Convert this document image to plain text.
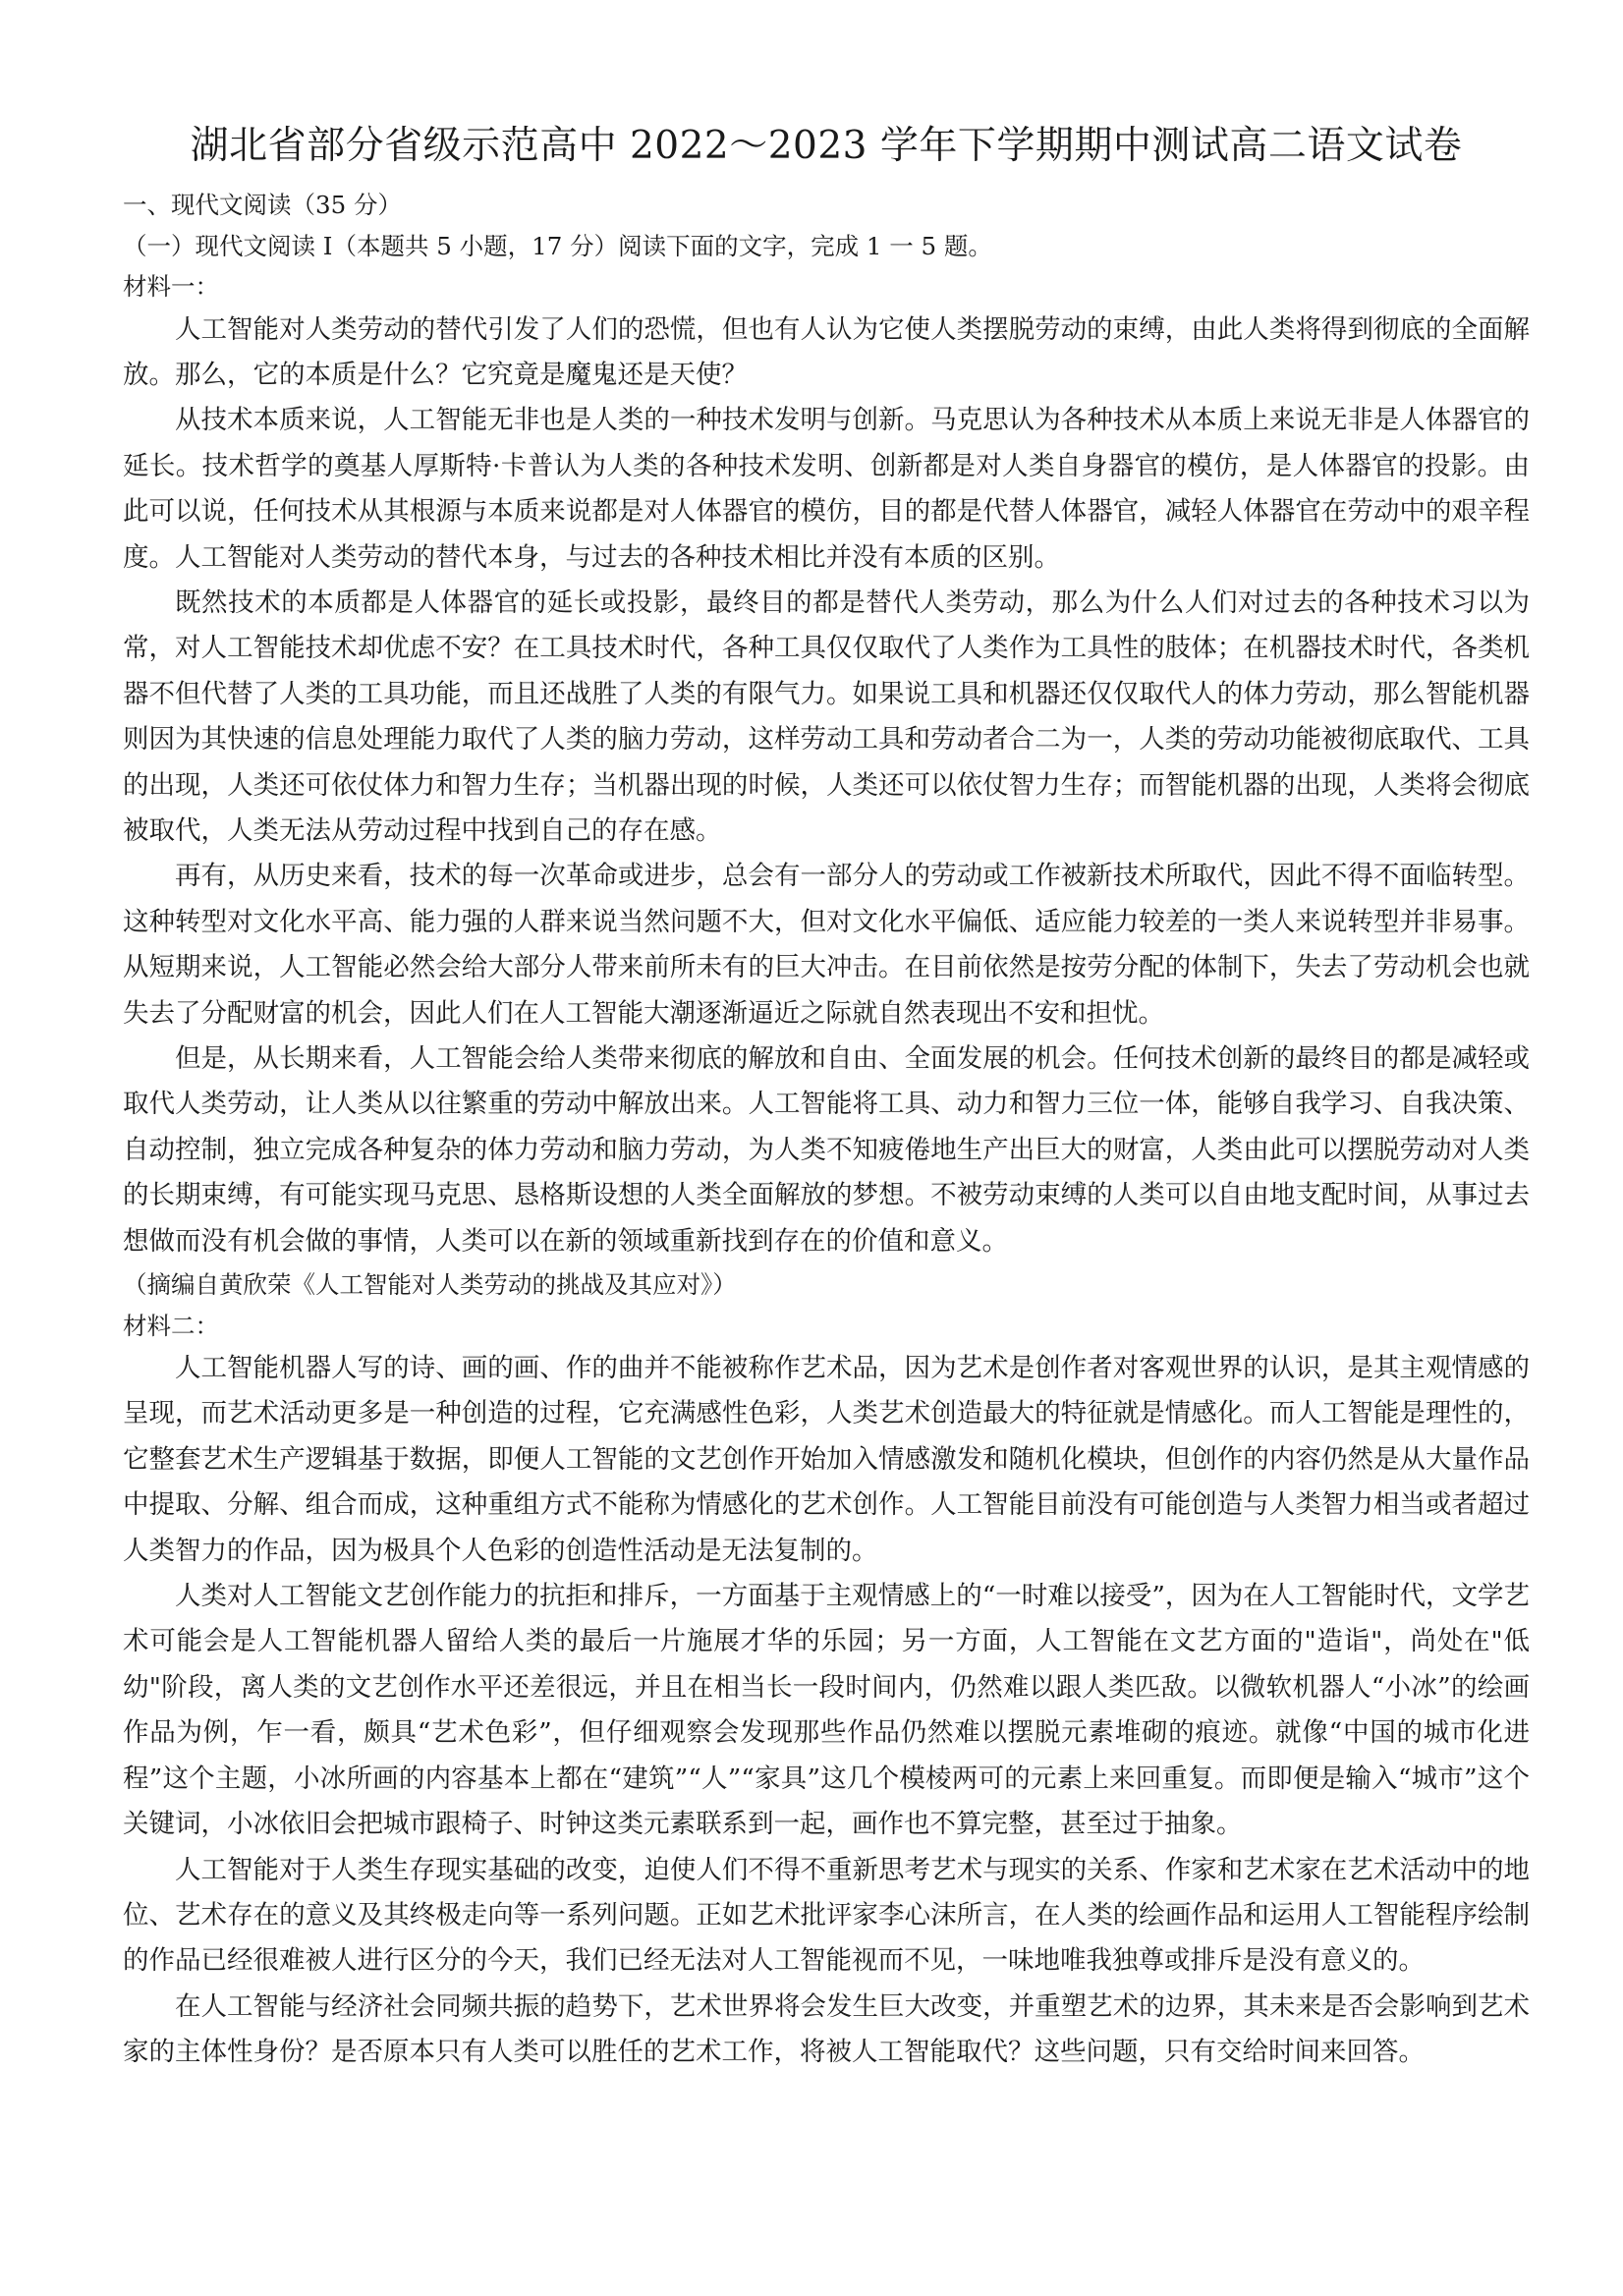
湖北省部分省级示范高中 2022～2023 学年下学期期中测试高二语文试卷

一、现代文阅读（35 分）

（一）现代文阅读 I（本题共 5 小题，17 分）阅读下面的文字，完成 1 一 5 题。

材料一：

人工智能对人类劳动的替代引发了人们的恐慌，但也有人认为它使人类摆脱劳动的束缚，由此人类将得到彻底的全面解放。那么，它的本质是什么？它究竟是魔鬼还是天使？

从技术本质来说，人工智能无非也是人类的一种技术发明与创新。马克思认为各种技术从本质上来说无非是人体器官的延长。技术哲学的奠基人厚斯特·卡普认为人类的各种技术发明、创新都是对人类自身器官的模仿，是人体器官的投影。由此可以说，任何技术从其根源与本质来说都是对人体器官的模仿，目的都是代替人体器官，减轻人体器官在劳动中的艰辛程度。人工智能对人类劳动的替代本身，与过去的各种技术相比并没有本质的区别。

既然技术的本质都是人体器官的延长或投影，最终目的都是替代人类劳动，那么为什么人们对过去的各种技术习以为常，对人工智能技术却优虑不安？在工具技术时代，各种工具仅仅取代了人类作为工具性的肢体；在机器技术时代，各类机器不但代替了人类的工具功能，而且还战胜了人类的有限气力。如果说工具和机器还仅仅取代人的体力劳动，那么智能机器则因为其快速的信息处理能力取代了人类的脑力劳动，这样劳动工具和劳动者合二为一，人类的劳动功能被彻底取代、工具的出现，人类还可依仗体力和智力生存；当机器出现的时候，人类还可以依仗智力生存；而智能机器的出现，人类将会彻底被取代，人类无法从劳动过程中找到自己的存在感。

再有，从历史来看，技术的每一次革命或进步，总会有一部分人的劳动或工作被新技术所取代，因此不得不面临转型。这种转型对文化水平高、能力强的人群来说当然问题不大，但对文化水平偏低、适应能力较差的一类人来说转型并非易事。从短期来说，人工智能必然会给大部分人带来前所未有的巨大冲击。在目前依然是按劳分配的体制下，失去了劳动机会也就失去了分配财富的机会，因此人们在人工智能大潮逐渐逼近之际就自然表现出不安和担忧。

但是，从长期来看，人工智能会给人类带来彻底的解放和自由、全面发展的机会。任何技术创新的最终目的都是减轻或取代人类劳动，让人类从以往繁重的劳动中解放出来。人工智能将工具、动力和智力三位一体，能够自我学习、自我决策、自动控制，独立完成各种复杂的体力劳动和脑力劳动，为人类不知疲倦地生产出巨大的财富，人类由此可以摆脱劳动对人类的长期束缚，有可能实现马克思、恳格斯设想的人类全面解放的梦想。不被劳动束缚的人类可以自由地支配时间，从事过去想做而没有机会做的事情，人类可以在新的领域重新找到存在的价值和意义。

（摘编自黄欣荣《人工智能对人类劳动的挑战及其应对》）

材料二：

人工智能机器人写的诗、画的画、作的曲并不能被称作艺术品，因为艺术是创作者对客观世界的认识，是其主观情感的呈现，而艺术活动更多是一种创造的过程，它充满感性色彩，人类艺术创造最大的特征就是情感化。而人工智能是理性的，它整套艺术生产逻辑基于数据，即便人工智能的文艺创作开始加入情感激发和随机化模块，但创作的内容仍然是从大量作品中提取、分解、组合而成，这种重组方式不能称为情感化的艺术创作。人工智能目前没有可能创造与人类智力相当或者超过人类智力的作品，因为极具个人色彩的创造性活动是无法复制的。

人类对人工智能文艺创作能力的抗拒和排斥，一方面基于主观情感上的“一时难以接受”，因为在人工智能时代，文学艺术可能会是人工智能机器人留给人类的最后一片施展才华的乐园；另一方面，人工智能在文艺方面的"造诣"，尚处在"低幼"阶段，离人类的文艺创作水平还差很远，并且在相当长一段时间内，仍然难以跟人类匹敌。以微软机器人“小冰”的绘画作品为例，乍一看，颇具“艺术色彩”，但仔细观察会发现那些作品仍然难以摆脱元素堆砌的痕迹。就像“中国的城市化进程”这个主题，小冰所画的内容基本上都在“建筑”“人”“家具”这几个模棱两可的元素上来回重复。而即便是输入“城市”这个关键词，小冰依旧会把城市跟椅子、时钟这类元素联系到一起，画作也不算完整，甚至过于抽象。

人工智能对于人类生存现实基础的改变，迫使人们不得不重新思考艺术与现实的关系、作家和艺术家在艺术活动中的地位、艺术存在的意义及其终极走向等一系列问题。正如艺术批评家李心沫所言，在人类的绘画作品和运用人工智能程序绘制的作品已经很难被人进行区分的今天，我们已经无法对人工智能视而不见，一味地唯我独尊或排斥是没有意义的。

在人工智能与经济社会同频共振的趋势下，艺术世界将会发生巨大改变，并重塑艺术的边界，其未来是否会影响到艺术家的主体性身份？是否原本只有人类可以胜任的艺术工作，将被人工智能取代？这些问题，只有交给时间来回答。
